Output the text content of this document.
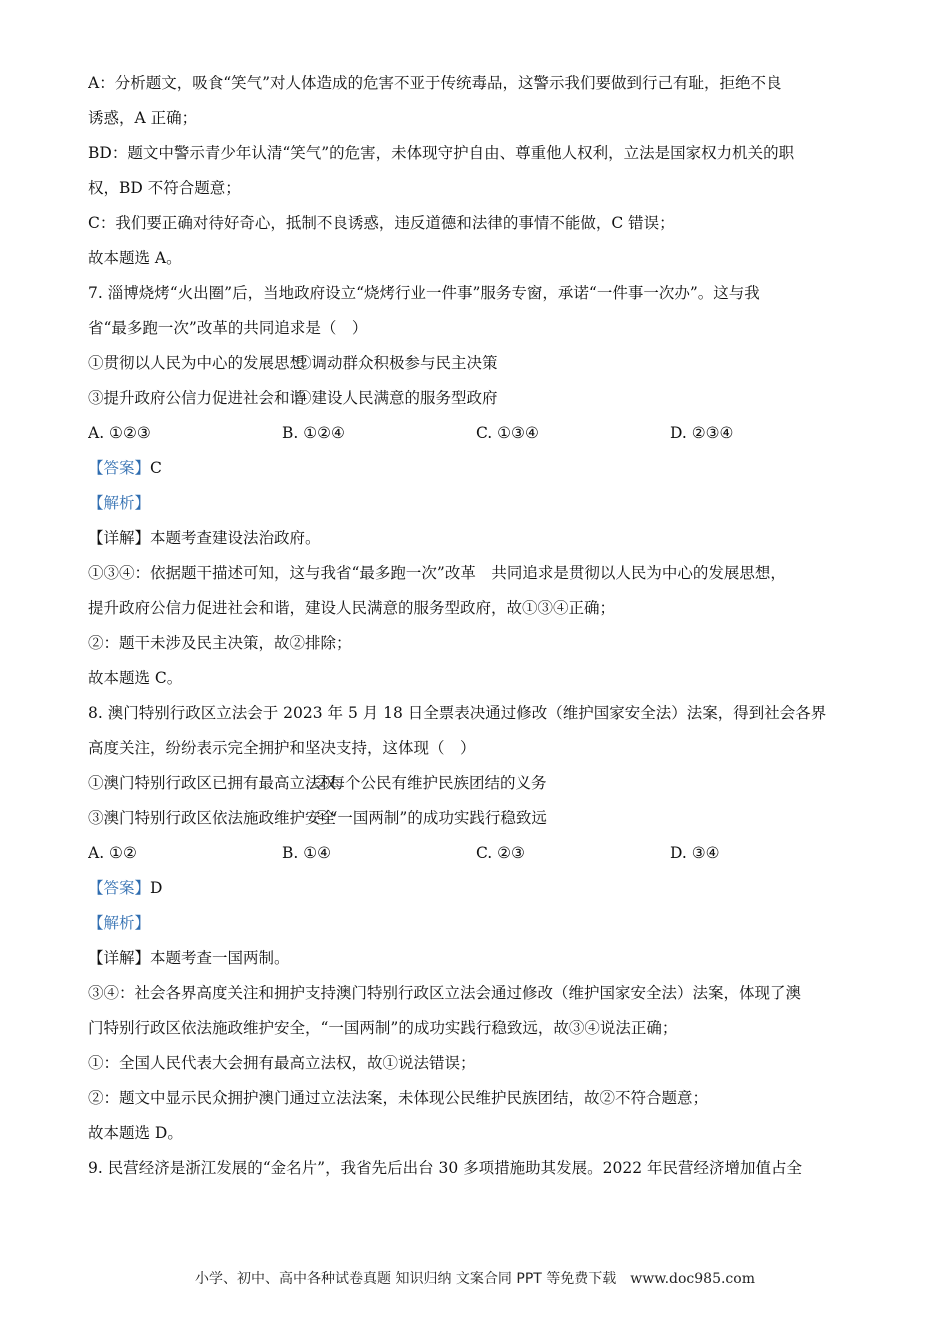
A：分析题文，吸食“笑气”对人体造成的危害不亚于传统毒品，这警示我们要做到行己有耻，拒绝不良
诱惑，A 正确；
BD：题文中警示青少年认清“笑气”的危害，未体现守护自由、尊重他人权利，立法是国家权力机关的职
权，BD 不符合题意；
C：我们要正确对待好奇心，抵制不良诱惑，违反道德和法律的事情不能做，C 错误；
故本题选 A。
7. 淄博烧烤“火出圈”后，当地政府设立“烧烤行业一件事”服务专窗，承诺“一件事一次办”。这与我
省“最多跑一次”改革的共同追求是（　）
①贯彻以人民为中心的发展思想②调动群众积极参与民主决策
③提升政府公信力促进社会和谐④建设人民满意的服务型政府
A. ①②③	B. ①②④	C. ①③④	D. ②③④
【答案】C
【解析】
【详解】本题考查建设法治政府。
①③④：依据题干描述可知，这与我省“最多跑一次”改革　共同追求是贯彻以人民为中心的发展思想，
提升政府公信力促进社会和谐，建设人民满意的服务型政府，故①③④正确；
②：题干未涉及民主决策，故②排除；
故本题选 C。
8. 澳门特别行政区立法会于 2023 年 5 月 18 日全票表决通过修改（维护国家安全法）法案，得到社会各界
高度关注，纷纷表示完全拥护和坚决支持，这体现（　）
①澳门特别行政区已拥有最高立法权②每个公民有维护民族团结的义务
③澳门特别行政区依法施政维护安全④“一国两制”的成功实践行稳致远
A. ①②	B. ①④	C. ②③	D. ③④
【答案】D
【解析】
【详解】本题考查一国两制。
③④：社会各界高度关注和拥护支持澳门特别行政区立法会通过修改（维护国家安全法）法案，体现了澳
门特别行政区依法施政维护安全，“一国两制”的成功实践行稳致远，故③④说法正确；
①：全国人民代表大会拥有最高立法权，故①说法错误；
②：题文中显示民众拥护澳门通过立法法案，未体现公民维护民族团结，故②不符合题意；
故本题选 D。
9. 民营经济是浙江发展的“金名片”，我省先后出台 30 多项措施助其发展。2022 年民营经济增加值占全
小学、初中、高中各种试卷真题 知识归纳 文案合同 PPT 等免费下载 www.doc985.com
